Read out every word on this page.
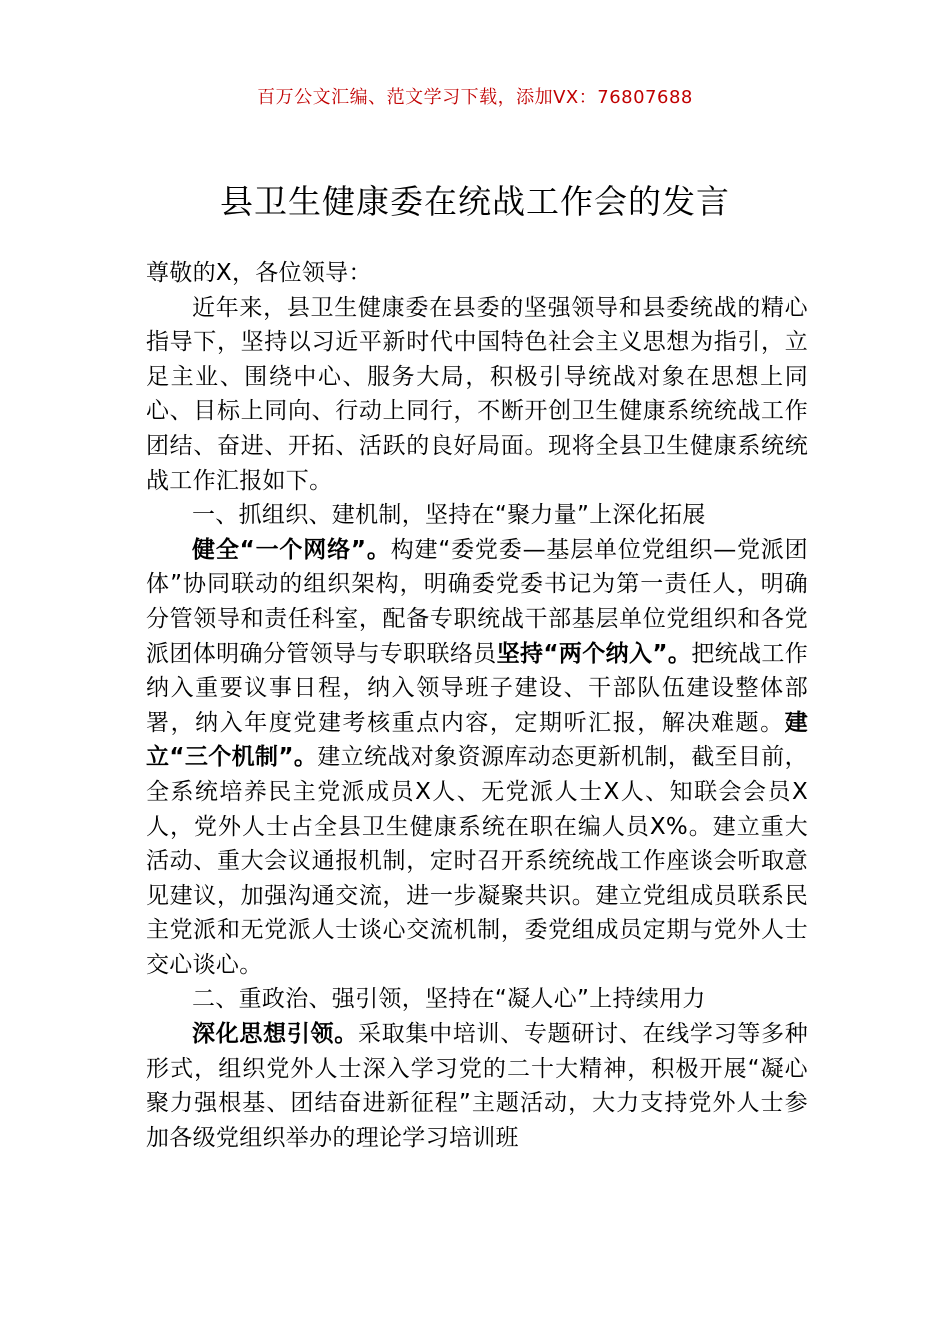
百万公文汇编、范文学习下载，添加VX：76807688
县卫生健康委在统战工作会的发言

尊敬的X，各位领导：

近年来，县卫生健康委在县委的坚强领导和县委统战的精心指导下，坚持以习近平新时代中国特色社会主义思想为指引，立足主业、围绕中心、服务大局，积极引导统战对象在思想上同心、目标上同向、行动上同行，不断开创卫生健康系统统战工作团结、奋进、开拓、活跃的良好局面。现将全县卫生健康系统统战工作汇报如下。

一、抓组织、建机制，坚持在“聚力量”上深化拓展

健全“一个网络”。构建“委党委—基层单位党组织—党派团体”协同联动的组织架构，明确委党委书记为第一责任人，明确分管领导和责任科室，配备专职统战干部基层单位党组织和各党派团体明确分管领导与专职联络员坚持“两个纳入”。把统战工作纳入重要议事日程，纳入领导班子建设、干部队伍建设整体部署，纳入年度党建考核重点内容，定期听汇报，解决难题。建立“三个机制”。建立统战对象资源库动态更新机制，截至目前，全系统培养民主党派成员X人、无党派人士X人、知联会会员X人，党外人士占全县卫生健康系统在职在编人员X%。建立重大活动、重大会议通报机制，定时召开系统统战工作座谈会听取意见建议，加强沟通交流，进一步凝聚共识。建立党组成员联系民主党派和无党派人士谈心交流机制，委党组成员定期与党外人士交心谈心。

二、重政治、强引领，坚持在“凝人心”上持续用力

深化思想引领。采取集中培训、专题研讨、在线学习等多种形式，组织党外人士深入学习党的二十大精神，积极开展“凝心聚力强根基、团结奋进新征程”主题活动，大力支持党外人士参加各级党组织举办的理论学习培训班
